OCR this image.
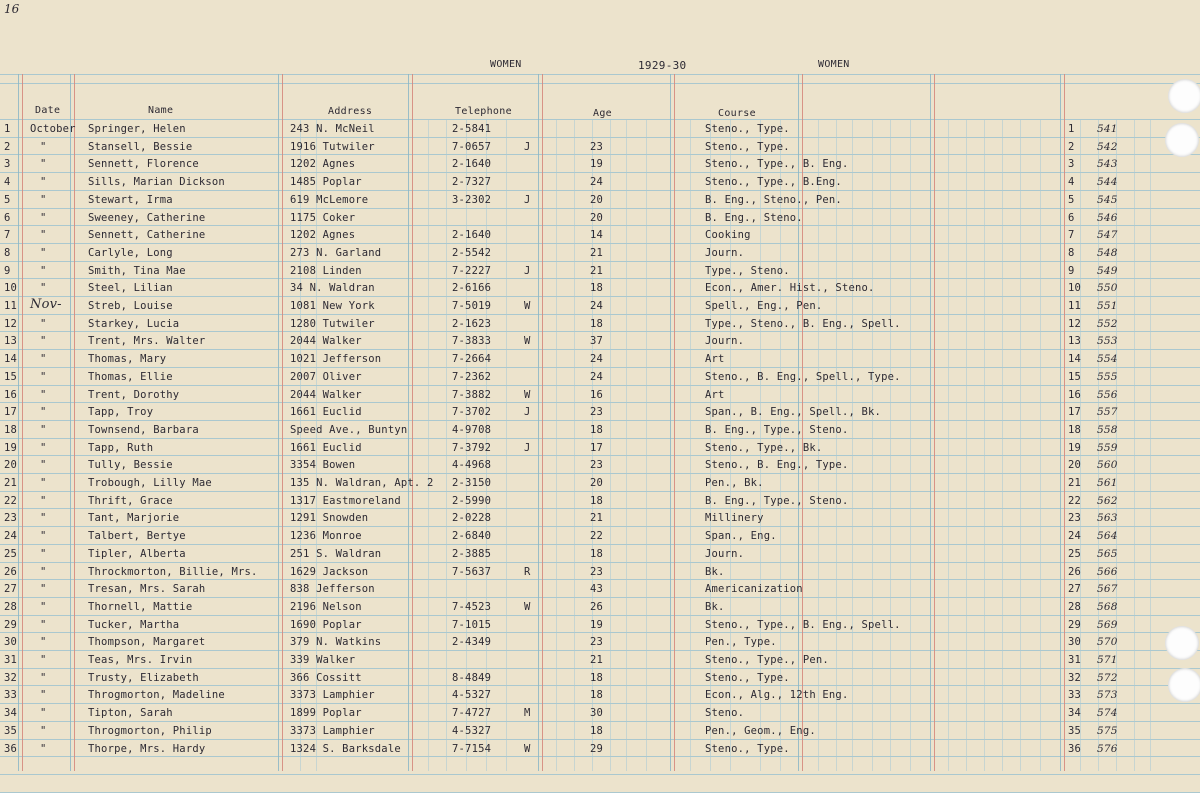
16
WOMEN	1929-30	WOMEN
Date	Name	Address	Telephone	Age	Course
1 October Springer, Helen	243 N. McNeil	2-5841	Steno., Type.	1 541
2	"	Stansell, Bessie	1916 Tutwiler	7-0657	J	23	Steno., Type.	2 542
3	"	Sennett, Florence	1202 Agnes	2-1640	19	Steno., Type., B. Eng.	3 543
4	"	Sills, Marian Dickson	1485 Poplar	2-7327	24	Steno., Type., B.Eng.	4 544
5	"	Stewart, Irma	619 McLemore	3-2302	J	20	B. Eng., Steno., Pen.	5 545
6	"	Sweeney, Catherine	1175 Coker	20	B. Eng., Steno.	6 546
7	"	Sennett, Catherine	1202 Agnes	2-1640	14	Cooking	7 547
8	"	Carlyle, Long	273 N. Garland	2-5542	21	Journ.	8 548
9	"	Smith, Tina Mae	2108 Linden	7-2227	J	21	Type., Steno.	9 549
10 "	Steel, Lilian	34 N. Waldran	2-6166	18	Econ., Amer. Hist., Steno.	10 550
11 Nov-	Streb, Louise	1081 New York	7-5019	W	24	Spell., Eng., Pen.	11 551
12 "	Starkey, Lucia	1280 Tutwiler	2-1623	18	Type., Steno., B. Eng., Spell.	12 552
13 "	Trent, Mrs. Walter	2044 Walker	7-3833	W	37	Journ.	13 553
14 "	Thomas, Mary	1021 Jefferson	7-2664	24	Art	14 554
15 "	Thomas, Ellie	2007 Oliver	7-2362	24	Steno., B. Eng., Spell., Type.	15 555
16 "	Trent, Dorothy	2044 Walker	7-3882	W	16	Art	16 556
17 "	Tapp, Troy	1661 Euclid	7-3702	J	23	Span., B. Eng., Spell., Bk.	17 557
18 "	Townsend, Barbara	Speed Ave., Buntyn	4-9708	18	B. Eng., Type., Steno.	18 558
19 "	Tapp, Ruth	1661 Euclid	7-3792	J	17	Steno., Type., Bk.	19 559
20 "	Tully, Bessie	3354 Bowen	4-4968	23	Steno., B. Eng., Type.	20 560
21 "	Trobough, Lilly Mae	135 N. Waldran, Apt. 2 2-3150	20	Pen., Bk.	21 561
22 "	Thrift, Grace	1317 Eastmoreland	2-5990	18	B. Eng., Type., Steno.	22 562
23 "	Tant, Marjorie	1291 Snowden	2-0228	21	Millinery	23 563
24 "	Talbert, Bertye	1236 Monroe	2-6840	22	Span., Eng.	24 564
25 "	Tipler, Alberta	251 S. Waldran	2-3885	18	Journ.	25 565
26 "	Throckmorton, Billie, Mrs.	1629 Jackson	7-5637	R	23	Bk.	26 566
27 "	Tresan, Mrs. Sarah	838 Jefferson	43	Americanization	27 567
28 "	Thornell, Mattie	2196 Nelson	7-4523	W	26	Bk.	28 568
29 "	Tucker, Martha	1690 Poplar	7-1015	19	Steno., Type., B. Eng., Spell.	29 569
30 "	Thompson, Margaret	379 N. Watkins	2-4349	23	Pen., Type.	30 570
31 "	Teas, Mrs. Irvin	339 Walker	21	Steno., Type., Pen.	31 571
32 "	Trusty, Elizabeth	366 Cossitt	8-4849	18	Steno., Type.	32 572
33 "	Throgmorton, Madeline	3373 Lamphier	4-5327	18	Econ., Alg., 12th Eng.	33 573
34 "	Tipton, Sarah	1899 Poplar	7-4727	M	30	Steno.	34 574
35 "	Throgmorton, Philip	3373 Lamphier	4-5327	18	Pen., Geom., Eng.	35 575
36 "	Thorpe, Mrs. Hardy	1324 S. Barksdale	7-7154	W	29	Steno., Type.	36 576
